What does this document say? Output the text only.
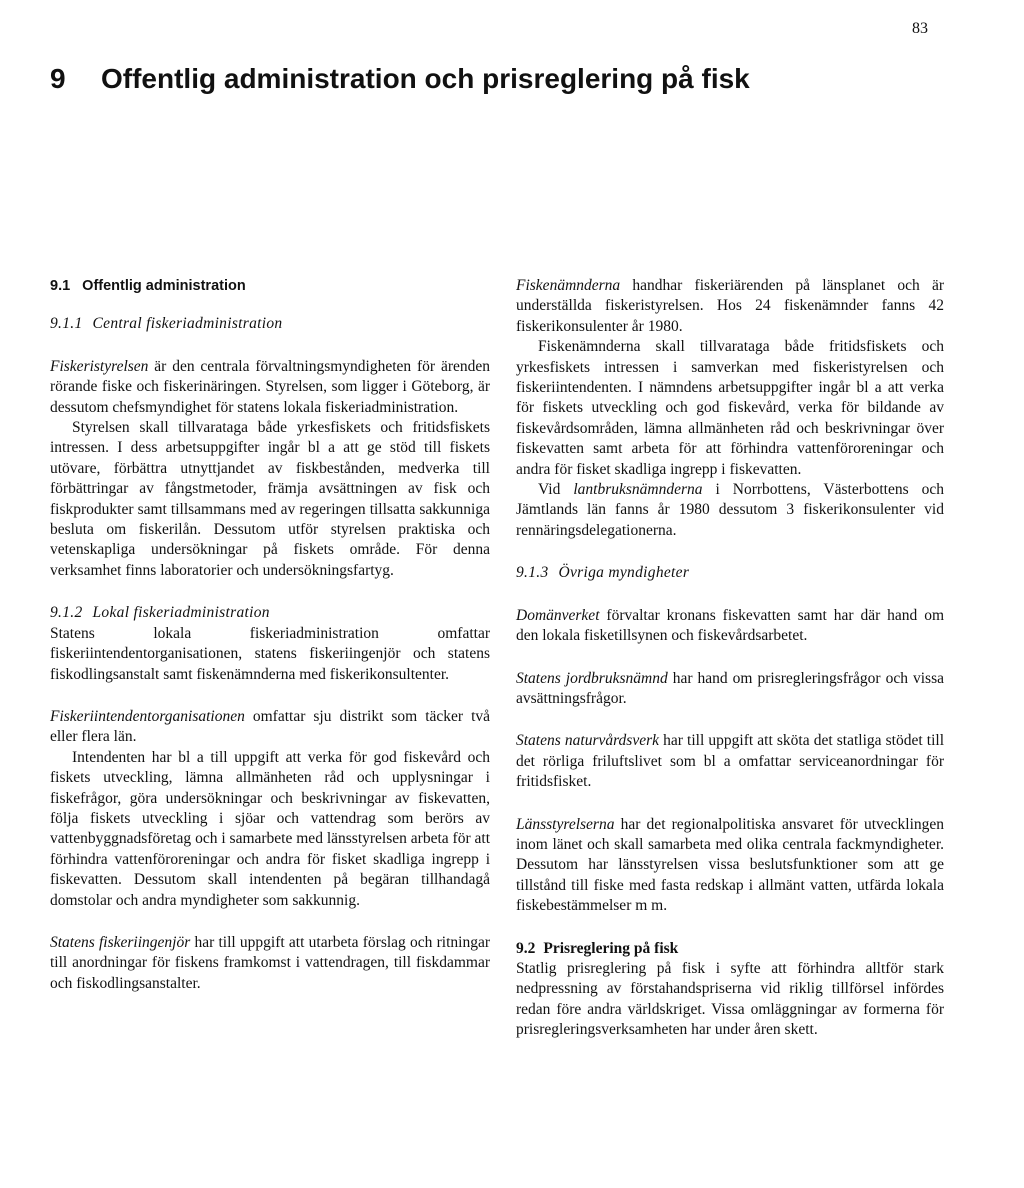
83
9 Offentlig administration och prisreglering på fisk

9.1 Offentlig administration

9.1.1 Central fiskeriadministration

Fiskeristyrelsen är den centrala förvaltningsmyndigheten för ärenden rörande fiske och fiskerinäringen. Styrelsen, som ligger i Göteborg, är dessutom chefsmyndighet för statens lokala fiskeriadministration.

Styrelsen skall tillvarataga både yrkesfiskets och fritidsfiskets intressen. I dess arbetsuppgifter ingår bl a att ge stöd till fiskets utövare, förbättra utnyttjandet av fiskbestånden, medverka till förbättringar av fångstmetoder, främja avsättningen av fisk och fiskprodukter samt tillsammans med av regeringen tillsatta sakkunniga besluta om fiskerilån. Dessutom utför styrelsen praktiska och vetenskapliga undersökningar på fiskets område. För denna verksamhet finns laboratorier och undersökningsfartyg.

9.1.2 Lokal fiskeriadministration

Statens lokala fiskeriadministration omfattar fiskeriintendentorganisationen, statens fiskeriingenjör och statens fiskodlingsanstalt samt fiskenämnderna med fiskerikonsultenter.

Fiskeriintendentorganisationen omfattar sju distrikt som täcker två eller flera län.

Intendenten har bl a till uppgift att verka för god fiskevård och fiskets utveckling, lämna allmänheten råd och upplysningar i fiskefrågor, göra undersökningar och beskrivningar av fiskevatten, följa fiskets utveckling i sjöar och vattendrag som berörs av vattenbyggnadsföretag och i samarbete med länsstyrelsen arbeta för att förhindra vattenföroreningar och andra för fisket skadliga ingrepp i fiskevatten. Dessutom skall intendenten på begäran tillhandagå domstolar och andra myndigheter som sakkunnig.

Statens fiskeriingenjör har till uppgift att utarbeta förslag och ritningar till anordningar för fiskens framkomst i vattendragen, till fiskdammar och fiskodlingsanstalter.

Fiskenämnderna handhar fiskeriärenden på länsplanet och är underställda fiskeristyrelsen. Hos 24 fiskenämnder fanns 42 fiskerikonsulenter år 1980.

Fiskenämnderna skall tillvaratagа både fritidsfiskets och yrkesfiskets intressen i samverkan med fiskeristyrelsen och fiskeriintendenten. I nämndens arbetsuppgifter ingår bl a att verka för fiskets utveckling och god fiskevård, verka för bildande av fiskevårdsområden, lämna allmänheten råd och beskrivningar över fiskevatten samt arbeta för att förhindra vattenföroreningar och andra för fisket skadliga ingrepp i fiskevatten.

Vid lantbruksnämnderna i Norrbottens, Västerbottens och Jämtlands län fanns år 1980 dessutom 3 fiskerikonsulenter vid rennäringsdelegationerna.

9.1.3 Övriga myndigheter

Domänverket förvaltar kronans fiskevatten samt har där hand om den lokala fisketillsynen och fiskevårdsarbetet.

Statens jordbruksnämnd har hand om prisregleringsfrågor och vissa avsättningsfrågor.

Statens naturvårdsverk har till uppgift att sköta det statliga stödet till det rörliga friluftslivet som bl a omfattar serviceanordningar för fritidsfisket.

Länsstyrelserna har det regionalpolitiska ansvaret för utvecklingen inom länet och skall samarbeta med olika centrala fackmyndigheter. Dessutom har länsstyrelsen vissa beslutsfunktioner som att ge tillstånd till fiske med fasta redskap i allmänt vatten, utfärda lokala fiskebestämmelser m m.

9.2 Prisreglering på fisk

Statlig prisreglering på fisk i syfte att förhindra alltför stark nedpressning av förstahandspriserna vid riklig tillförsel infördes redan före andra världskriget. Vissa omläggningar av formerna för prisregleringsverksamheten har under åren skett.
